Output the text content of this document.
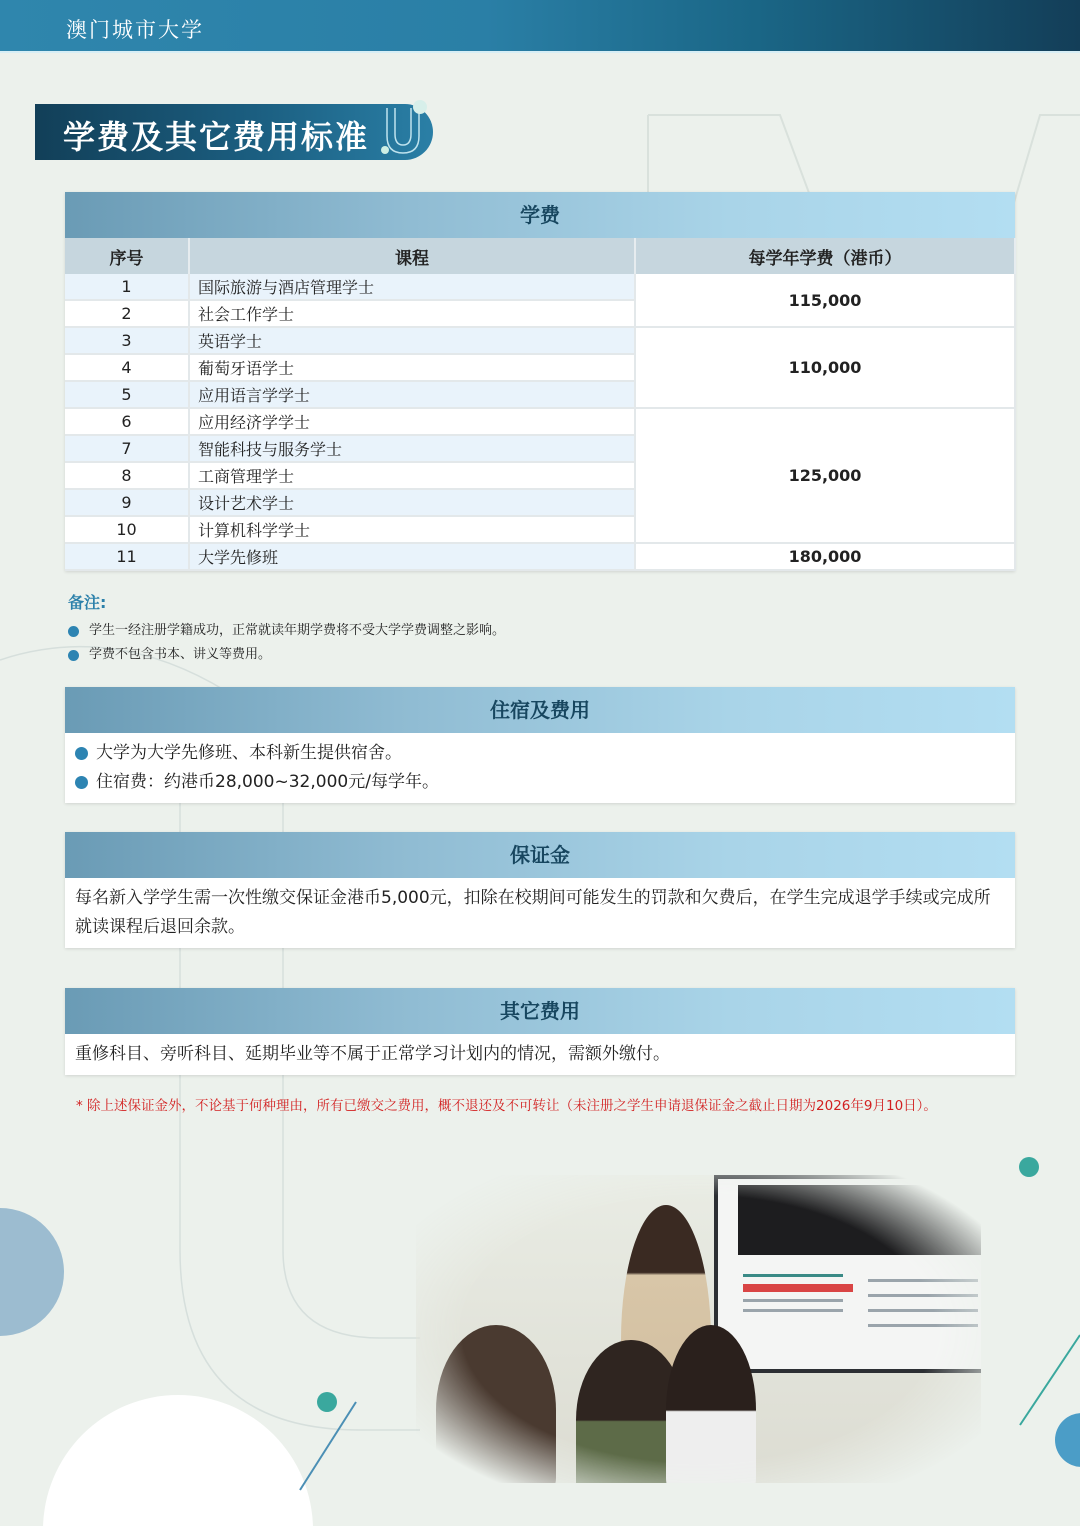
澳门城市大学
学费及其它费用标准
学费
序号	课程	每学年学费（港币）
1	国际旅游与酒店管理学士	115,000
2	社会工作学士	
3	英语学士	110,000
4	葡萄牙语学士	
5	应用语言学学士	
6	应用经济学学士	125,000
7	智能科技与服务学士	
8	工商管理学士	
9	设计艺术学士	
10	计算机科学学士	
11	大学先修班	180,000
备注:
学生一经注册学籍成功，正常就读年期学费将不受大学学费调整之影响。
学费不包含书本、讲义等费用。
住宿及费用
大学为大学先修班、本科新生提供宿舍。
住宿费：约港币28,000~32,000元/每学年。
保证金
每名新入学学生需一次性缴交保证金港币5,000元，扣除在校期间可能发生的罚款和欠费后，在学生完成退学手续或完成所就读课程后退回余款。
其它费用
重修科目、旁听科目、延期毕业等不属于正常学习计划内的情况，需额外缴付。
* 除上述保证金外，不论基于何种理由，所有已缴交之费用，概不退还及不可转让（未注册之学生申请退保证金之截止日期为2026年9月10日）。
